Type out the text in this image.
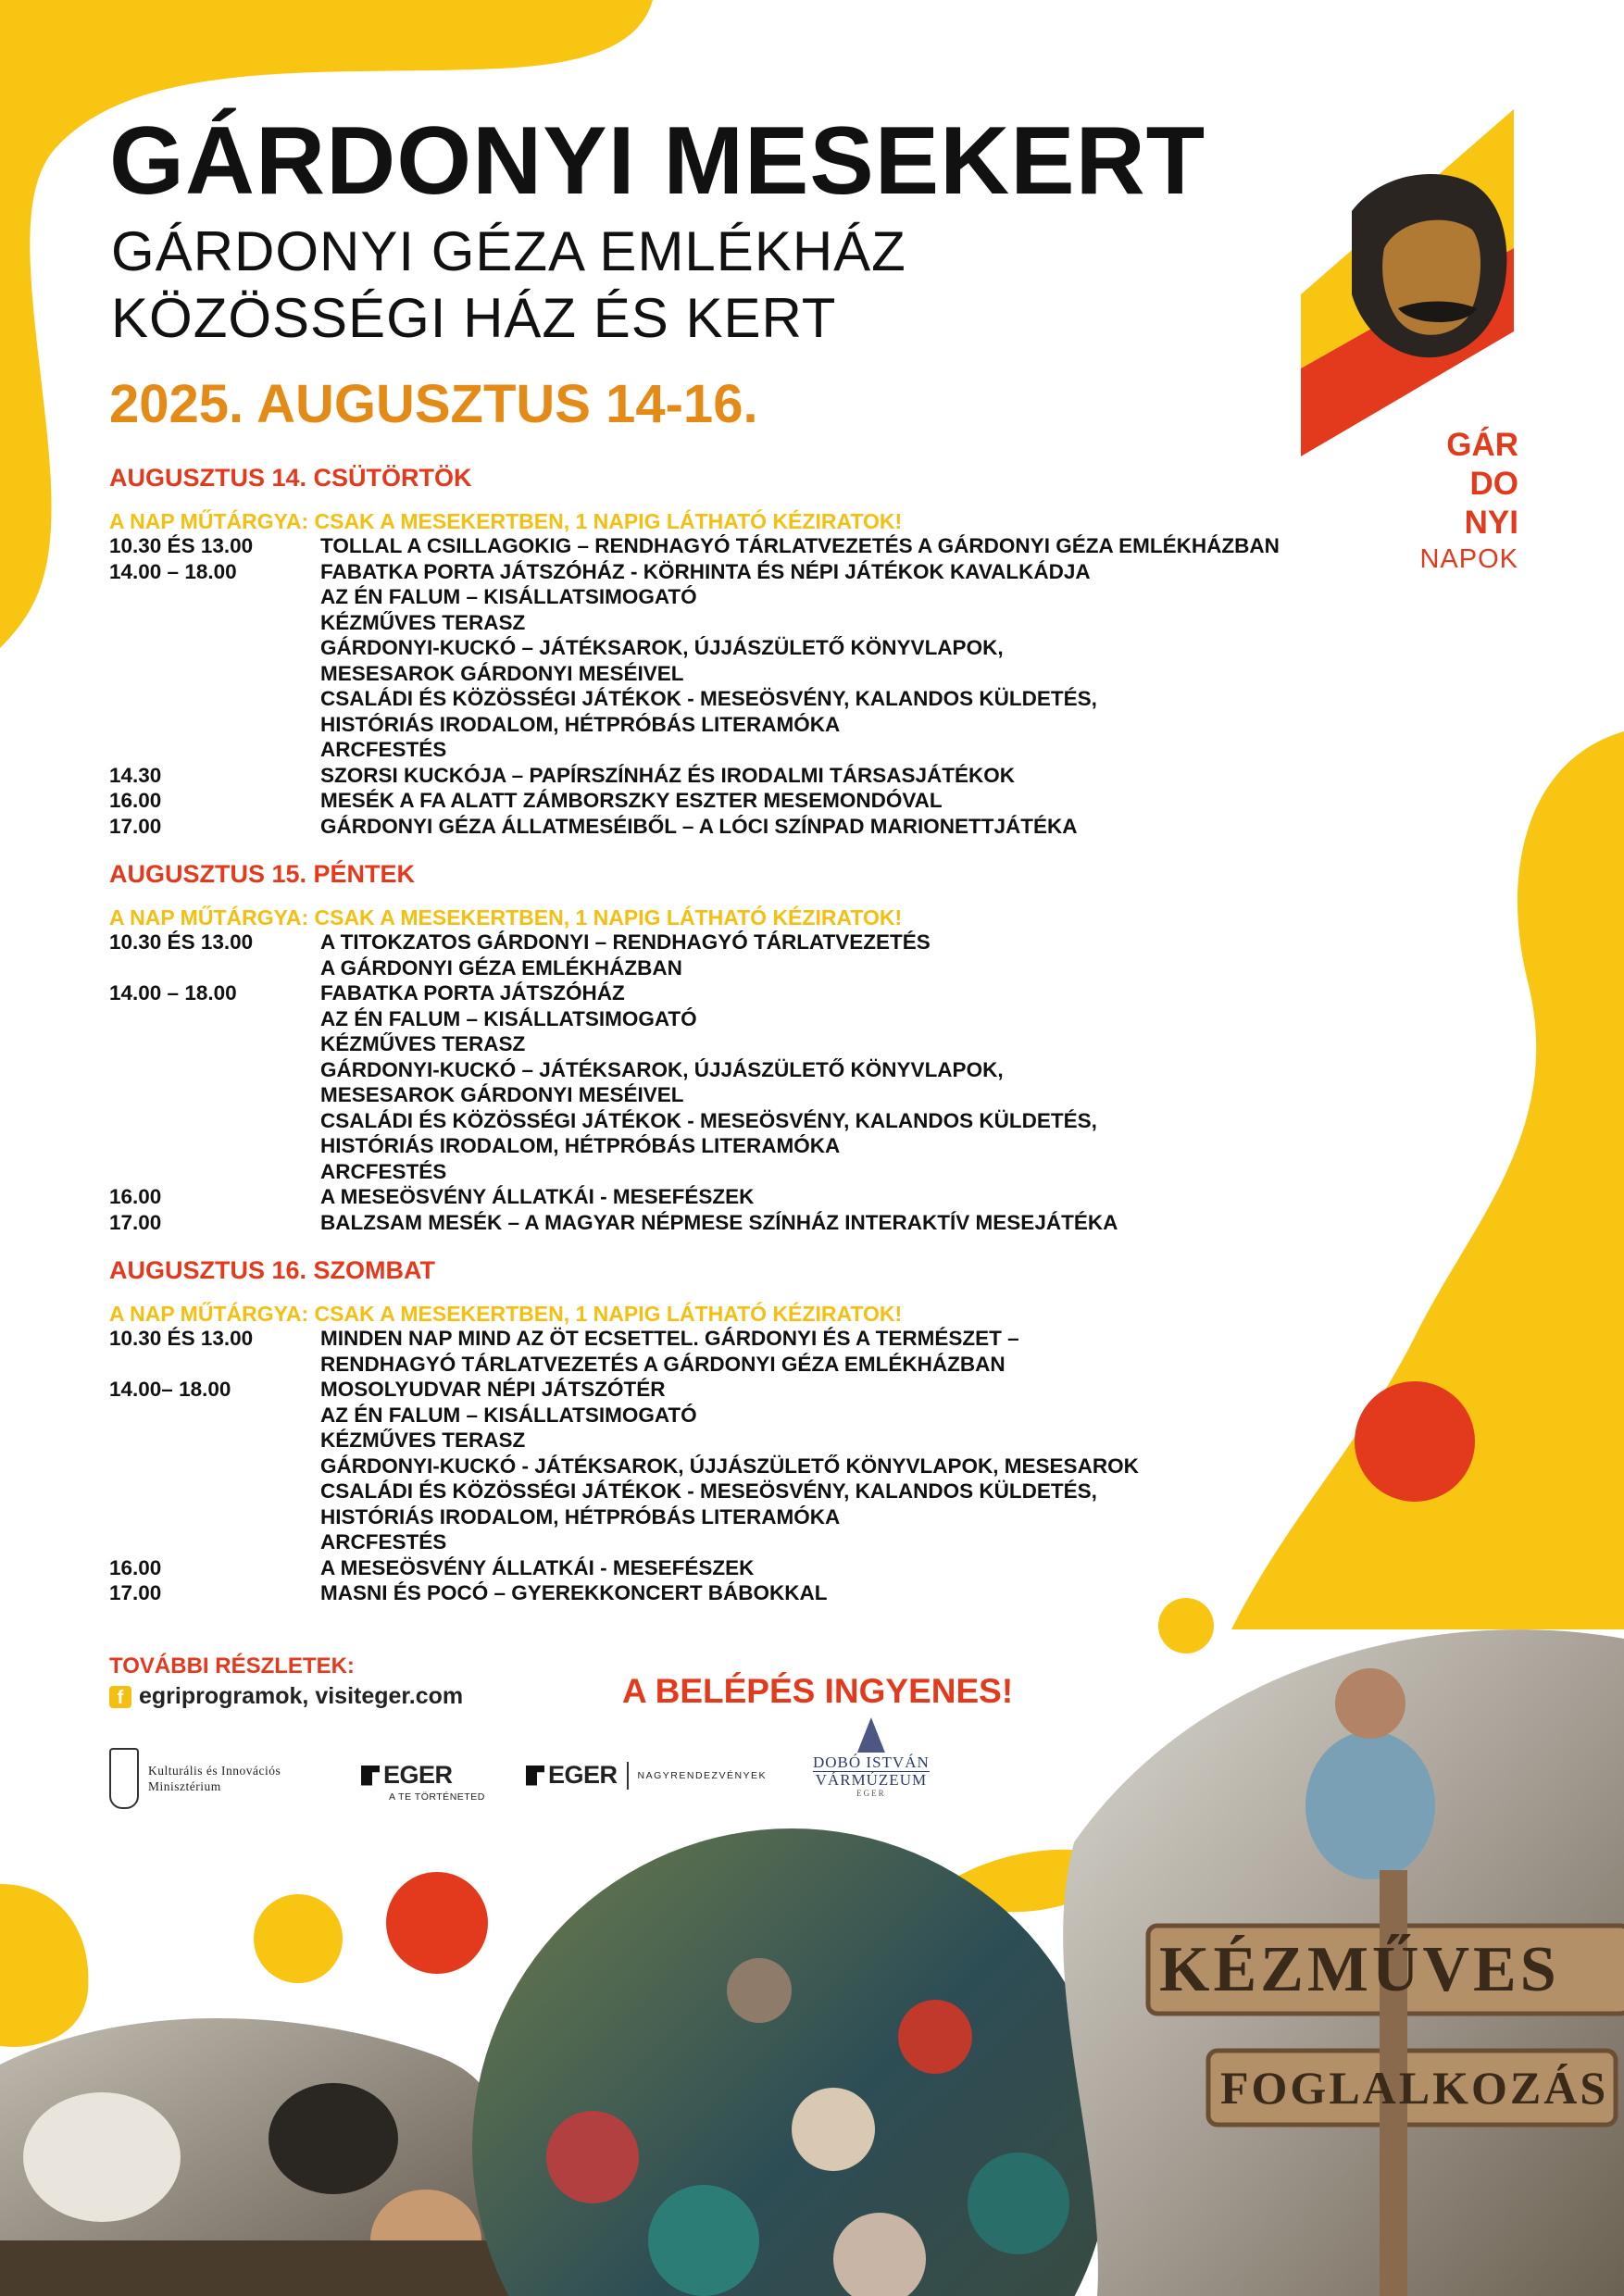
GÁRDONYI MESEKERT
GÁRDONYI GÉZA EMLÉKHÁZ
KÖZÖSSÉGI HÁZ ÉS KERT
2025. AUGUSZTUS 14-16.
GÁR
DO
NYI
NAPOK
AUGUSZTUS 14. CSÜTÖRTÖK
A NAP MŰTÁRGYA: CSAK A MESEKERTBEN, 1 NAPIG LÁTHATÓ KÉZIRATOK!
10.30 ÉS 13.00	TOLLAL A CSILLAGOKIG – RENDHAGYÓ TÁRLATVEZETÉS A GÁRDONYI GÉZA EMLÉKHÁZBAN
14.00 – 18.00	FABATKA PORTA JÁTSZÓHÁZ - KÖRHINTA ÉS NÉPI JÁTÉKOK KAVALKÁDJA
AZ ÉN FALUM – KISÁLLATSIMOGATÓ
KÉZMŰVES TERASZ
GÁRDONYI-KUCKÓ – JÁTÉKSAROK, ÚJJÁSZÜLETŐ KÖNYVLAPOK,
MESESAROK GÁRDONYI MESÉIVEL
CSALÁDI ÉS KÖZÖSSÉGI JÁTÉKOK - MESEÖSVÉNY, KALANDOS KÜLDETÉS,
HISTÓRIÁS IRODALOM, HÉTPRÓBÁS LITERAMÓKA
ARCFESTÉS
14.30	SZORSI KUCKÓJA – PAPÍRSZÍNHÁZ ÉS IRODALMI TÁRSASJÁTÉKOK
16.00	MESÉK A FA ALATT ZÁMBORSZKY ESZTER MESEMONDÓVAL
17.00	GÁRDONYI GÉZA ÁLLATMESÉIBŐL – A LÓCI SZÍNPAD MARIONETTJÁTÉKA
AUGUSZTUS 15. PÉNTEK
A NAP MŰTÁRGYA: CSAK A MESEKERTBEN, 1 NAPIG LÁTHATÓ KÉZIRATOK!
10.30 ÉS 13.00	A TITOKZATOS GÁRDONYI – RENDHAGYÓ TÁRLATVEZETÉS
A GÁRDONYI GÉZA EMLÉKHÁZBAN
14.00 – 18.00	FABATKA PORTA JÁTSZÓHÁZ
AZ ÉN FALUM – KISÁLLATSIMOGATÓ
KÉZMŰVES TERASZ
GÁRDONYI-KUCKÓ – JÁTÉKSAROK, ÚJJÁSZÜLETŐ KÖNYVLAPOK,
MESESAROK GÁRDONYI MESÉIVEL
CSALÁDI ÉS KÖZÖSSÉGI JÁTÉKOK - MESEÖSVÉNY, KALANDOS KÜLDETÉS,
HISTÓRIÁS IRODALOM, HÉTPRÓBÁS LITERAMÓKA
ARCFESTÉS
16.00	A MESEÖSVÉNY ÁLLATKÁI - MESEFÉSZEK
17.00	BALZSAM MESÉK – A MAGYAR NÉPMESE SZÍNHÁZ INTERAKTÍV MESEJÁTÉKA
AUGUSZTUS 16. SZOMBAT
A NAP MŰTÁRGYA: CSAK A MESEKERTBEN, 1 NAPIG LÁTHATÓ KÉZIRATOK!
10.30 ÉS 13.00	MINDEN NAP MIND AZ ÖT ECSETTEL. GÁRDONYI ÉS A TERMÉSZET –
RENDHAGYÓ TÁRLATVEZETÉS A GÁRDONYI GÉZA EMLÉKHÁZBAN
14.00– 18.00	MOSOLYUDVAR NÉPI JÁTSZÓTÉR
AZ ÉN FALUM – KISÁLLATSIMOGATÓ
KÉZMŰVES TERASZ
GÁRDONYI-KUCKÓ - JÁTÉKSAROK, ÚJJÁSZÜLETŐ KÖNYVLAPOK, MESESAROK
CSALÁDI ÉS KÖZÖSSÉGI JÁTÉKOK - MESEÖSVÉNY, KALANDOS KÜLDETÉS,
HISTÓRIÁS IRODALOM, HÉTPRÓBÁS LITERAMÓKA
ARCFESTÉS
16.00	A MESEÖSVÉNY ÁLLATKÁI - MESEFÉSZEK
17.00	MASNI ÉS POCÓ – GYEREKKONCERT BÁBOKKAL
TOVÁBBI RÉSZLETEK:
f egriprogramok, visiteger.com	A BELÉPÉS INGYENES!
Kulturális és Innovációs
Minisztérium	EGER
A TE TÖRTÉNETED
EGER NAGYRENDEZVÉNYEK
DOBÓ ISTVÁN
VÁRMÚZEUM
EGER
KÉZMŰVES
FOGLALKOZÁS
